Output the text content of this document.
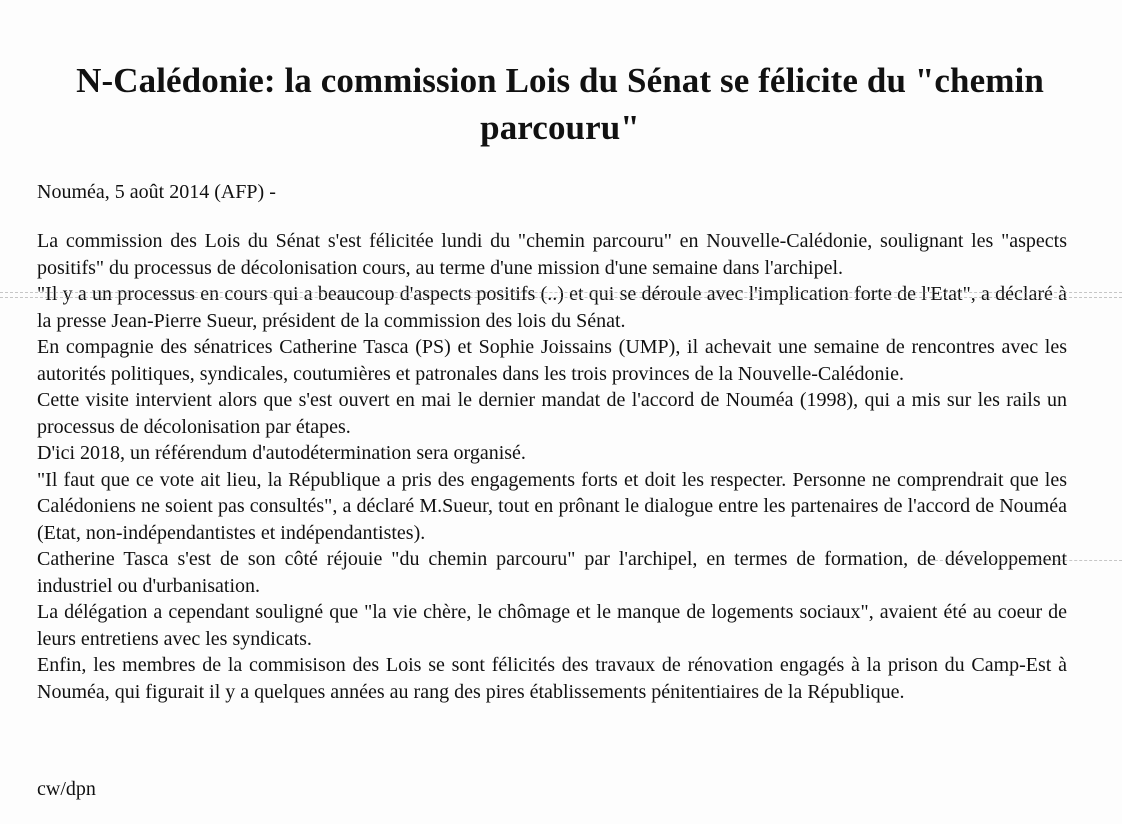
N-Calédonie: la commission Lois du Sénat se félicite du "chemin parcouru"
Nouméa, 5 août 2014 (AFP) -

La commission des Lois du Sénat s'est félicitée lundi du "chemin parcouru" en Nouvelle-Calédonie, soulignant les "aspects positifs" du processus de décolonisation cours, au terme d'une mission d'une semaine dans l'archipel.

"Il y a un processus en cours qui a beaucoup d'aspects positifs (..) et qui se déroule avec l'implication forte de l'Etat", a déclaré à la presse Jean-Pierre Sueur, président de la commission des lois du Sénat.

En compagnie des sénatrices Catherine Tasca (PS) et Sophie Joissains (UMP), il achevait une semaine de rencontres avec les autorités politiques, syndicales, coutumières et patronales dans les trois provinces de la Nouvelle-Calédonie.

Cette visite intervient alors que s'est ouvert en mai le dernier mandat de l'accord de Nouméa (1998), qui a mis sur les rails un processus de décolonisation par étapes.

D'ici 2018, un référendum d'autodétermination sera organisé.

"Il faut que ce vote ait lieu, la République a pris des engagements forts et doit les respecter. Personne ne comprendrait que les Calédoniens ne soient pas consultés", a déclaré M.Sueur, tout en prônant le dialogue entre les partenaires de l'accord de Nouméa (Etat, non-indépendantistes et indépendantistes).

Catherine Tasca s'est de son côté réjouie "du chemin parcouru" par l'archipel, en termes de formation, de développement industriel ou d'urbanisation.

La délégation a cependant souligné que "la vie chère, le chômage et le manque de logements sociaux", avaient été au coeur de leurs entretiens avec les syndicats.

Enfin, les membres de la commisison des Lois se sont félicités des travaux de rénovation engagés à la prison du Camp-Est à Nouméa, qui figurait il y a quelques années au rang des pires établissements pénitentiaires de la République.

cw/dpn
